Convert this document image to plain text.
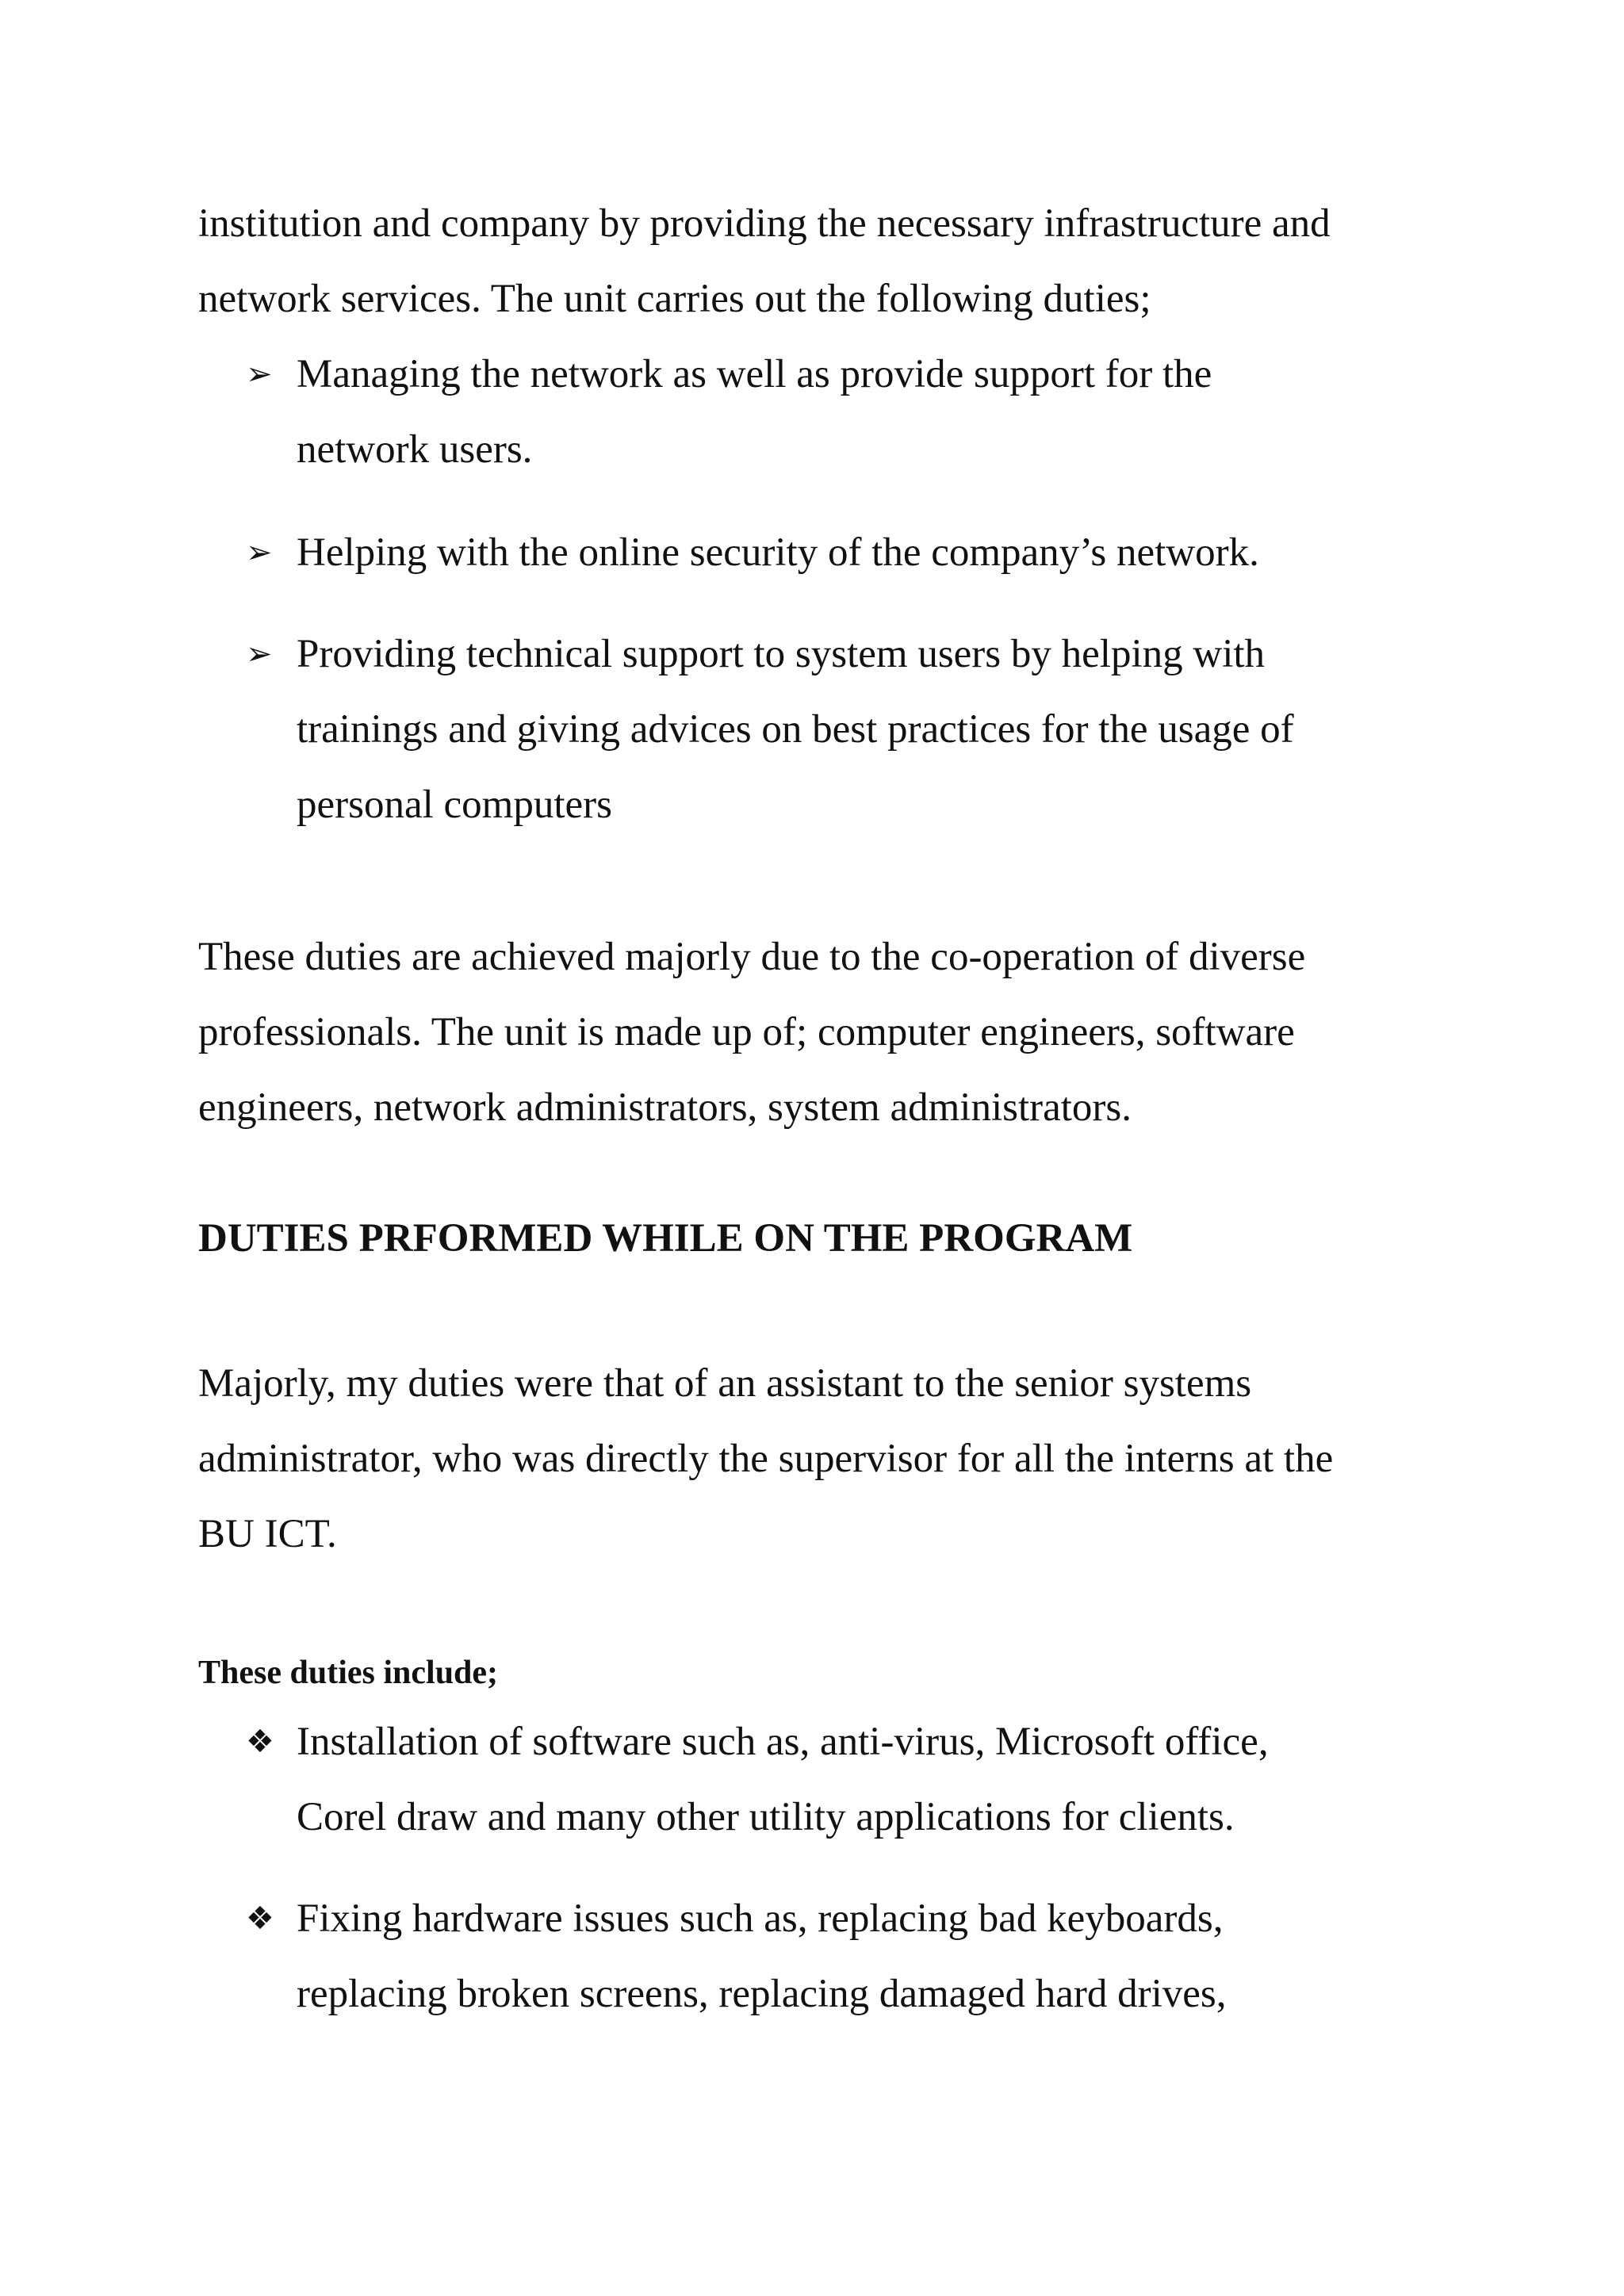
institution and company by providing the necessary infrastructure and
network services. The unit carries out the following duties;

➢ Managing the network as well as provide support for the
network users.
➢ Helping with the online security of the company’s network.
➢ Providing technical support to system users by helping with
trainings and giving advices on best practices for the usage of
personal computers

These duties are achieved majorly due to the co-operation of diverse
professionals. The unit is made up of; computer engineers, software
engineers, network administrators, system administrators.

DUTIES PRFORMED WHILE ON THE PROGRAM

Majorly, my duties were that of an assistant to the senior systems
administrator, who was directly the supervisor for all the interns at the
BU ICT.

These duties include;
❖ Installation of software such as, anti-virus, Microsoft office,
Corel draw and many other utility applications for clients.
❖ Fixing hardware issues such as, replacing bad keyboards,
replacing broken screens, replacing damaged hard drives,
